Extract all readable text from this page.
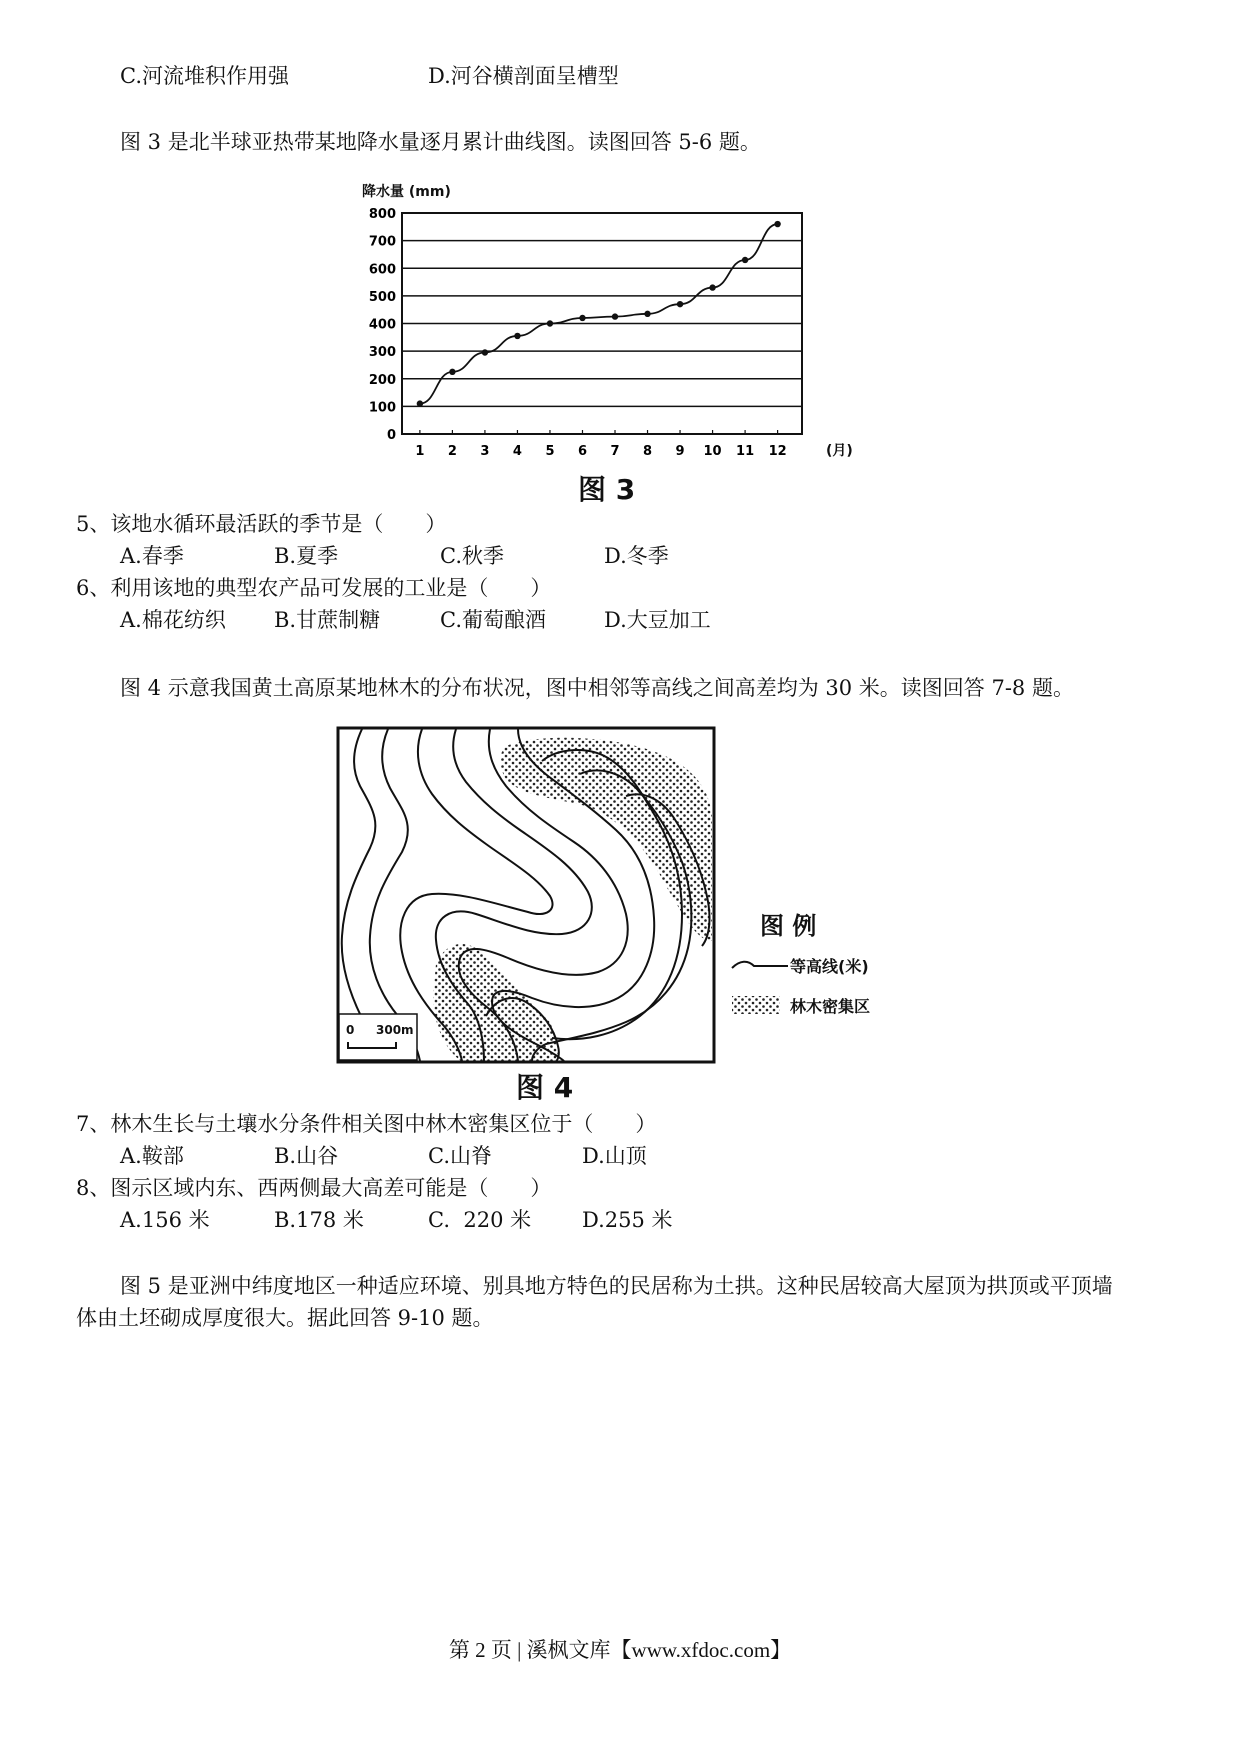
C.河流堆积作用强	D.河谷横剖面呈槽型
图 3 是北半球亚热带某地降水量逐月累计曲线图。读图回答 5-6 题。
降水量 (mm)
0
100
200
300
400
500
600
700
800
1 2 3 4 5 6 7 8 9 10 11 12	(月)
图 3
5、该地水循环最活跃的季节是（　　）
A.春季	B.夏季	C.秋季	D.冬季
6、利用该地的典型农产品可发展的工业是（　　）
A.棉花纺织 B.甘蔗制糖	C.葡萄酿酒	D.大豆加工
图 4 示意我国黄土高原某地林木的分布状况，图中相邻等高线之间高差均为 30 米。读图回答 7-8 题。
0 300m
图 例
等高线(米)
林木密集区
图 4
7、林木生长与土壤水分条件相关图中林木密集区位于（　　）
A.鞍部	B.山谷	C.山脊	D.山顶
8、图示区域内东、西两侧最大高差可能是（　　）
A.156 米	B.178 米	C.  220 米 D.255 米
图 5 是亚洲中纬度地区一种适应环境、别具地方特色的民居称为土拱。这种民居较高大屋顶为拱顶或平顶墙
体由土坯砌成厚度很大。据此回答 9-10 题。
第 2 页 | 溪枫文库【www.xfdoc.com】
